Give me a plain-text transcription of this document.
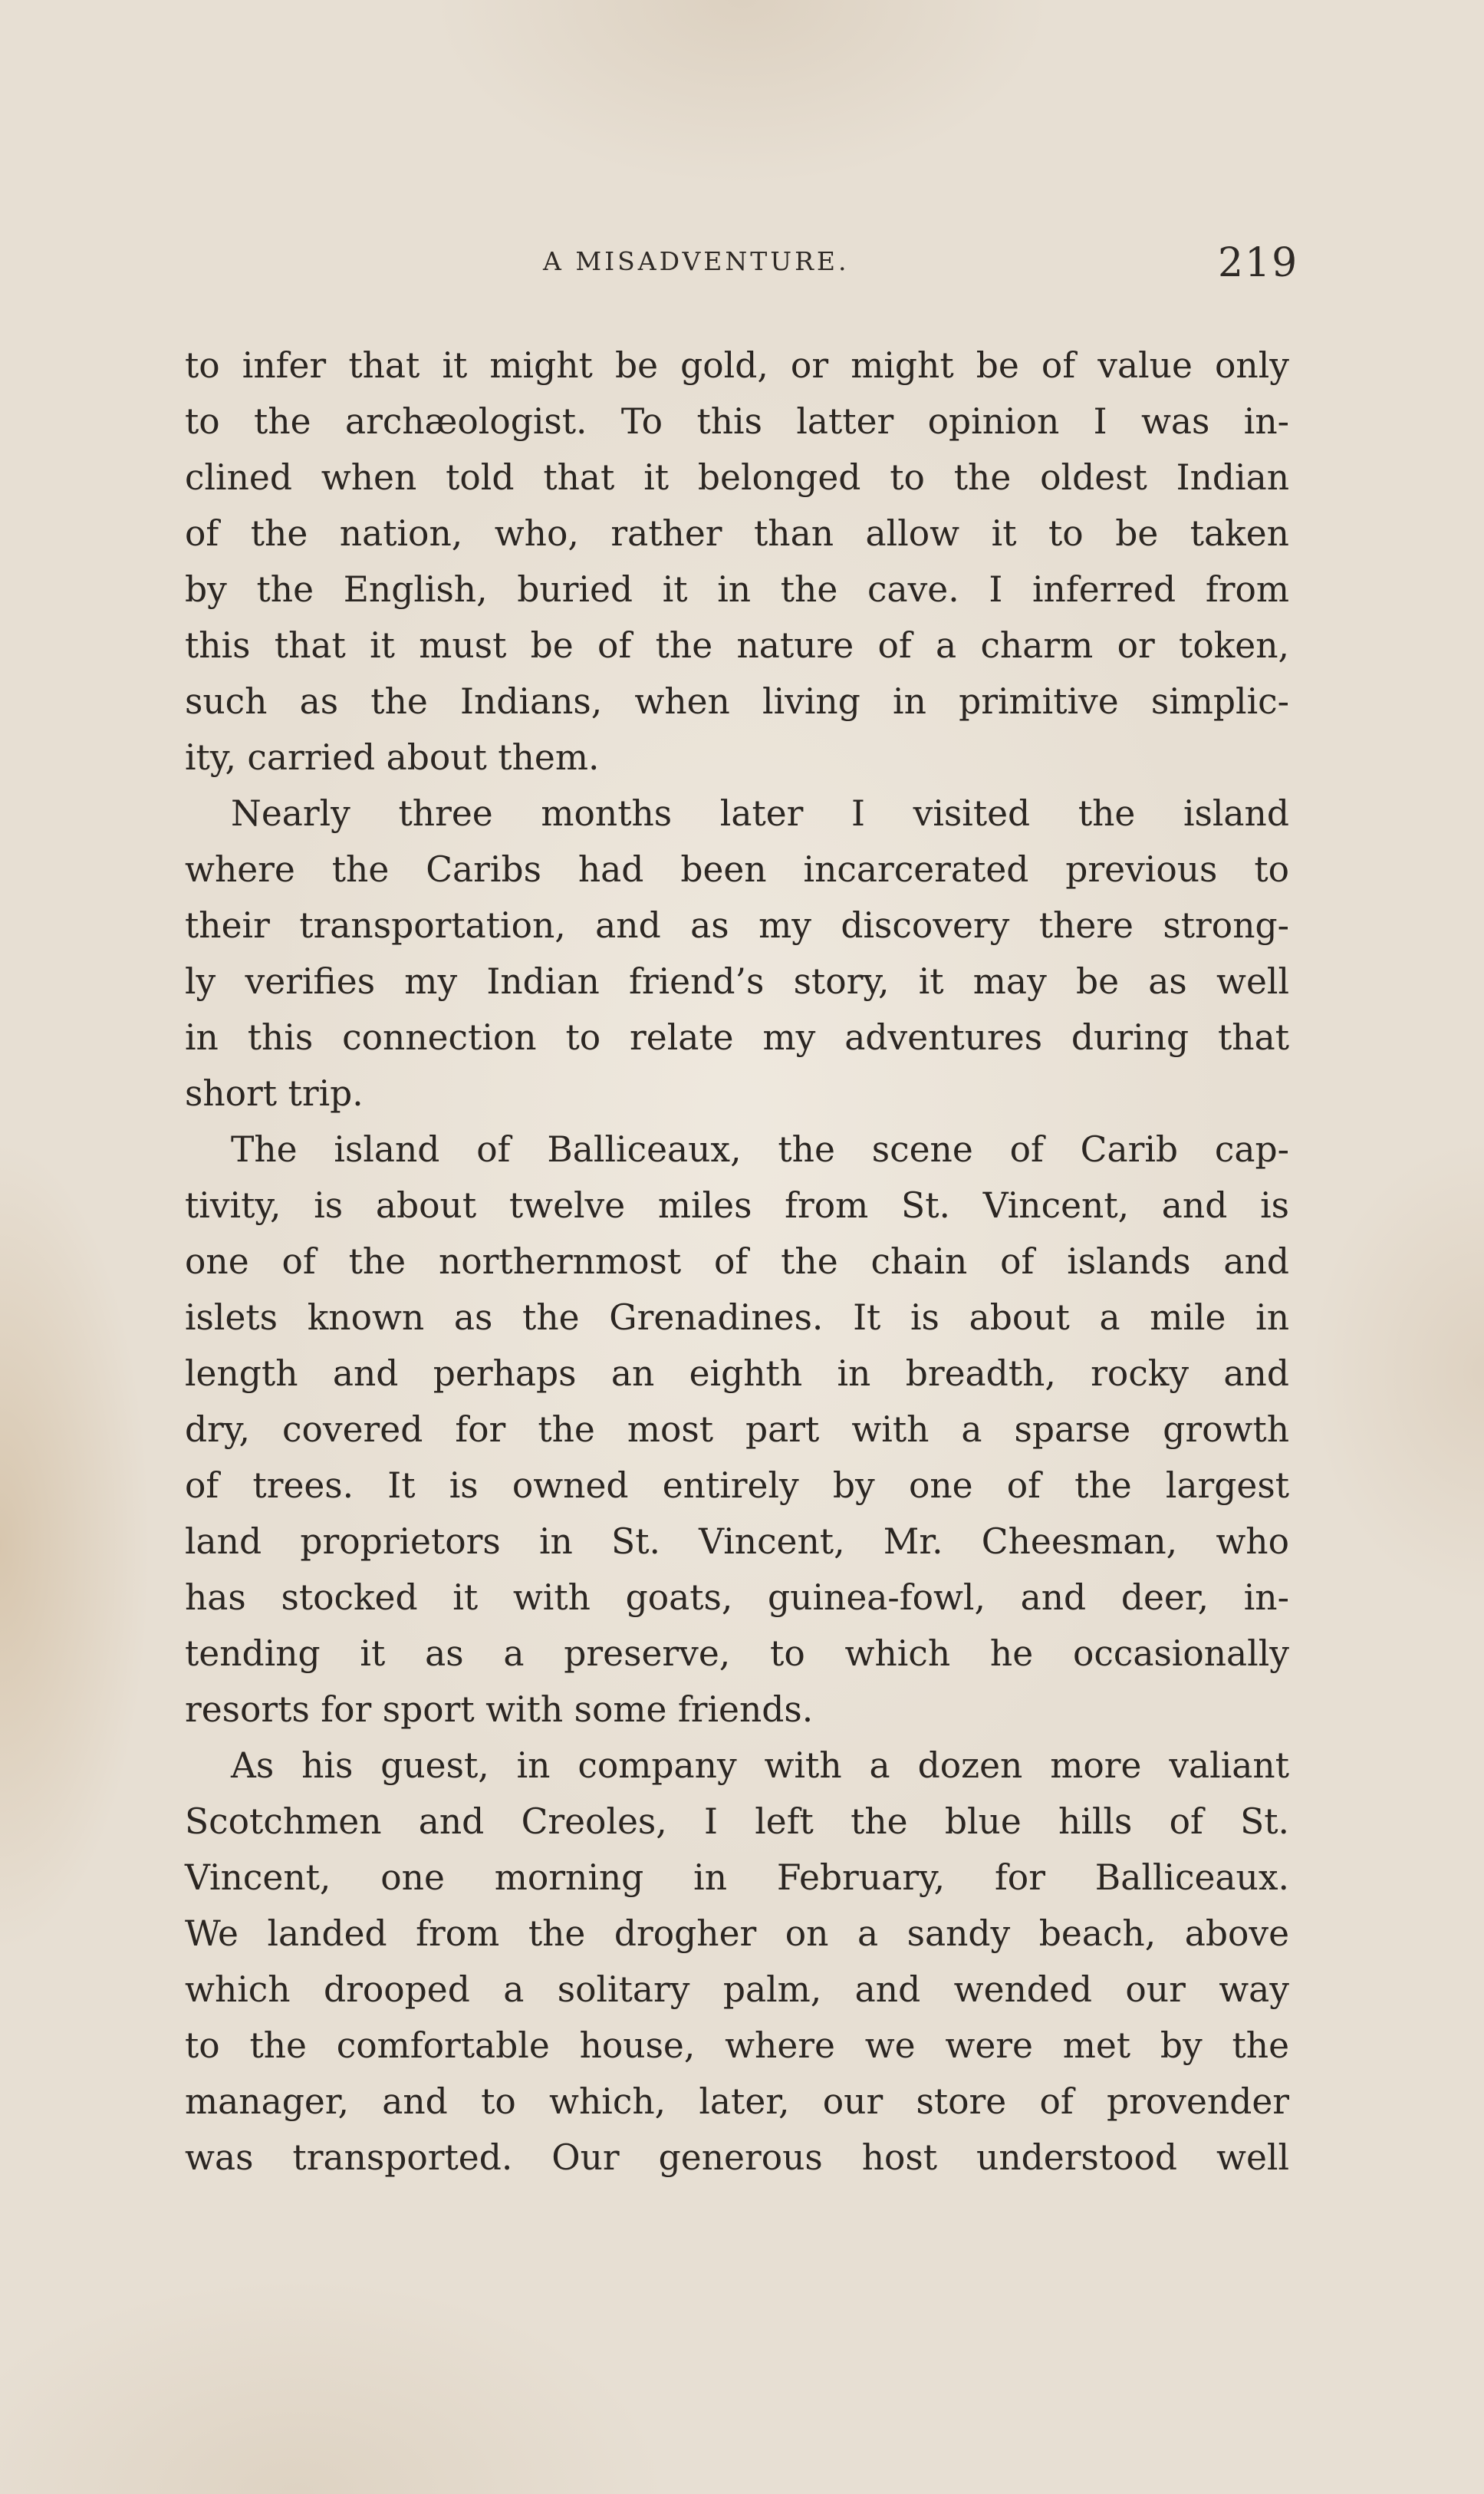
A MISADVENTURE.	219
to infer that it might be gold, or might be of value only
to the archæologist. To this latter opinion I was in-
clined when told that it belonged to the oldest Indian
of the nation, who, rather than allow it to be taken
by the English, buried it in the cave. I inferred from
this that it must be of the nature of a charm or token,
such as the Indians, when living in primitive simplic-
ity, carried about them.
Nearly three months later I visited the island
where the Caribs had been incarcerated previous to
their transportation, and as my discovery there strong-
ly verifies my Indian friend’s story, it may be as well
in this connection to relate my adventures during that
short trip.
The island of Balliceaux, the scene of Carib cap-
tivity, is about twelve miles from St. Vincent, and is
one of the northernmost of the chain of islands and
islets known as the Grenadines. It is about a mile in
length and perhaps an eighth in breadth, rocky and
dry, covered for the most part with a sparse growth
of trees. It is owned entirely by one of the largest
land proprietors in St. Vincent, Mr. Cheesman, who
has stocked it with goats, guinea-fowl, and deer, in-
tending it as a preserve, to which he occasionally
resorts for sport with some friends.
As his guest, in company with a dozen more valiant
Scotchmen and Creoles, I left the blue hills of St.
Vincent, one morning in February, for Balliceaux.
We landed from the drogher on a sandy beach, above
which drooped a solitary palm, and wended our way
to the comfortable house, where we were met by the
manager, and to which, later, our store of provender
was transported. Our generous host understood well
